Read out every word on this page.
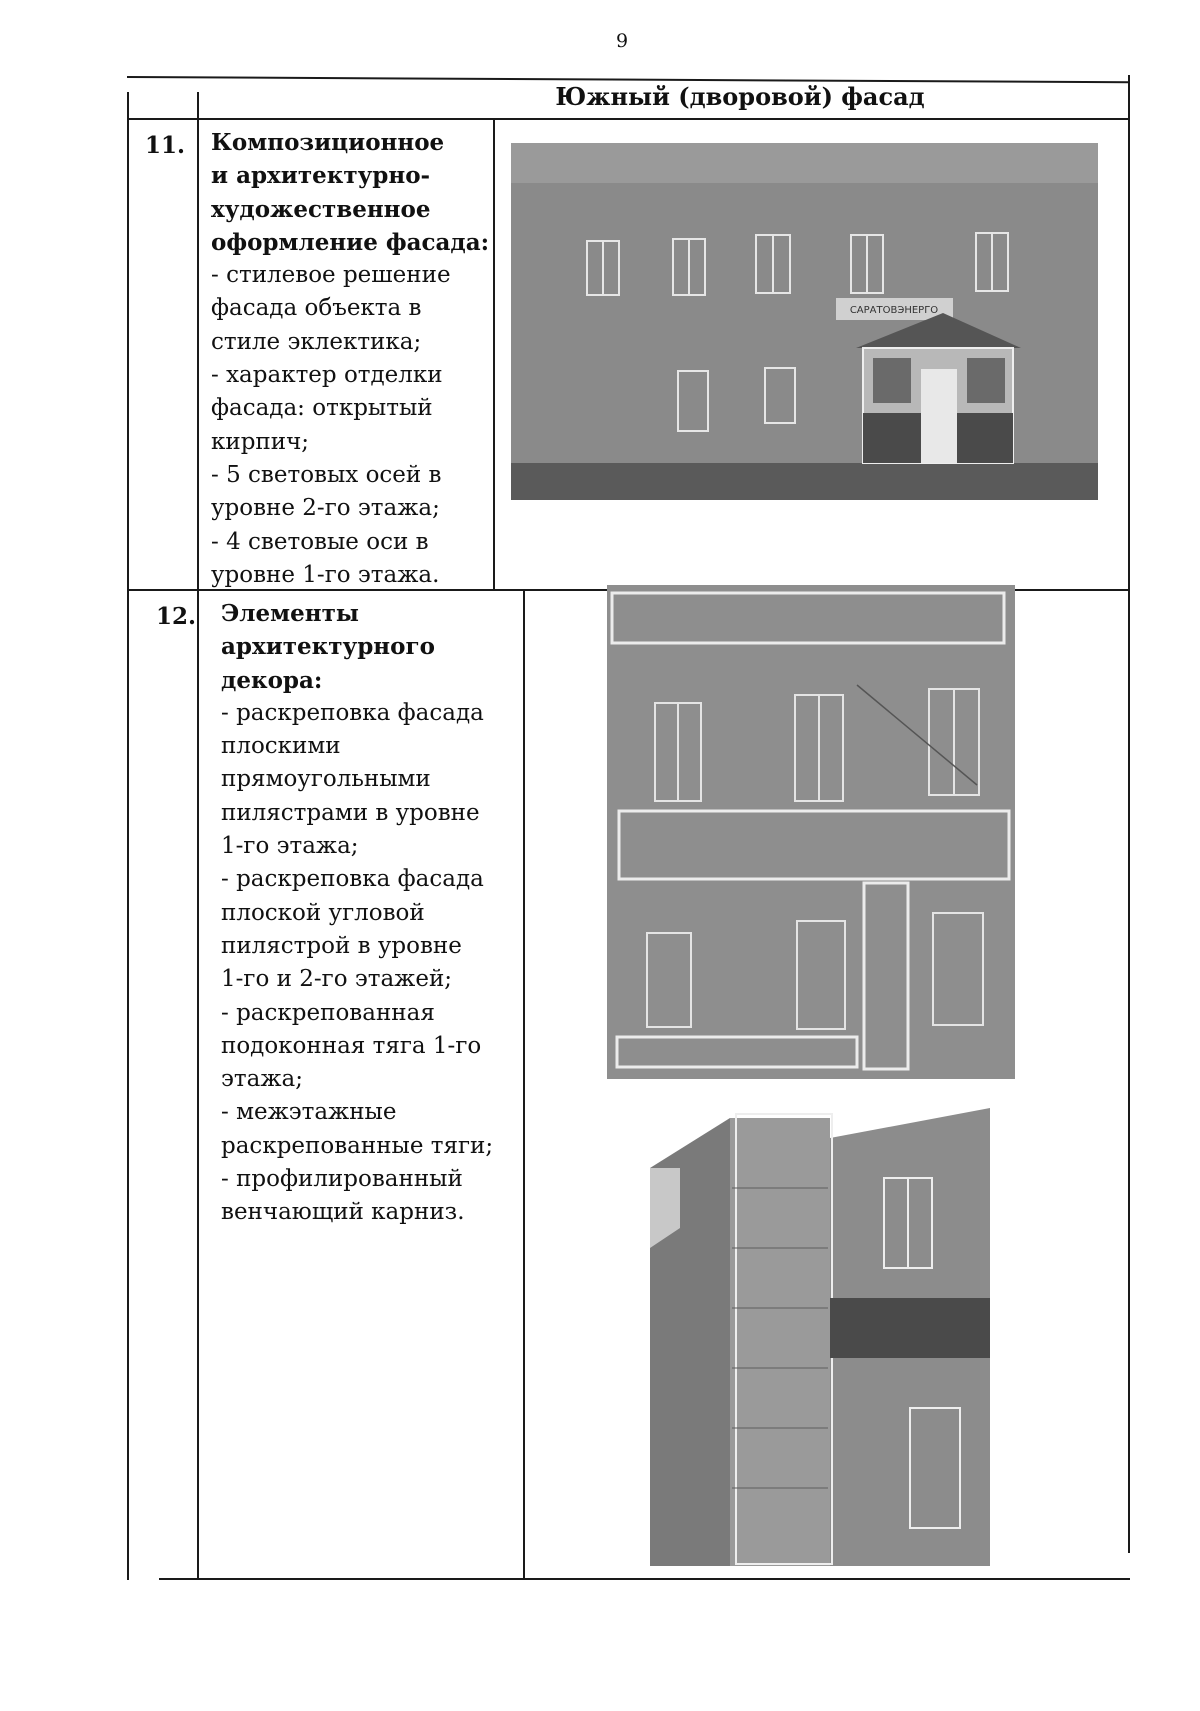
9
Южный (дворовой) фасад
11. Композиционное
и архитектурно-
художественное
оформление фасада:
- стилевое решение
фасада объекта в
стиле эклектика;
- характер отделки
фасада: открытый
кирпич;
- 5 световых осей в
уровне 2-го этажа;
- 4 световые оси в
уровне 1-го этажа.
САРАТОВЭНЕРГО
12. Элементы
архитектурного
декора:
- раскреповка фасада
плоскими
прямоугольными
пилястрами в уровне
1-го этажа;
- раскреповка фасада
плоской угловой
пилястрой в уровне
1-го и 2-го этажей;
- раскрепованная
подоконная тяга 1-го
этажа;
- межэтажные
раскрепованные тяги;
- профилированный
венчающий карниз.
